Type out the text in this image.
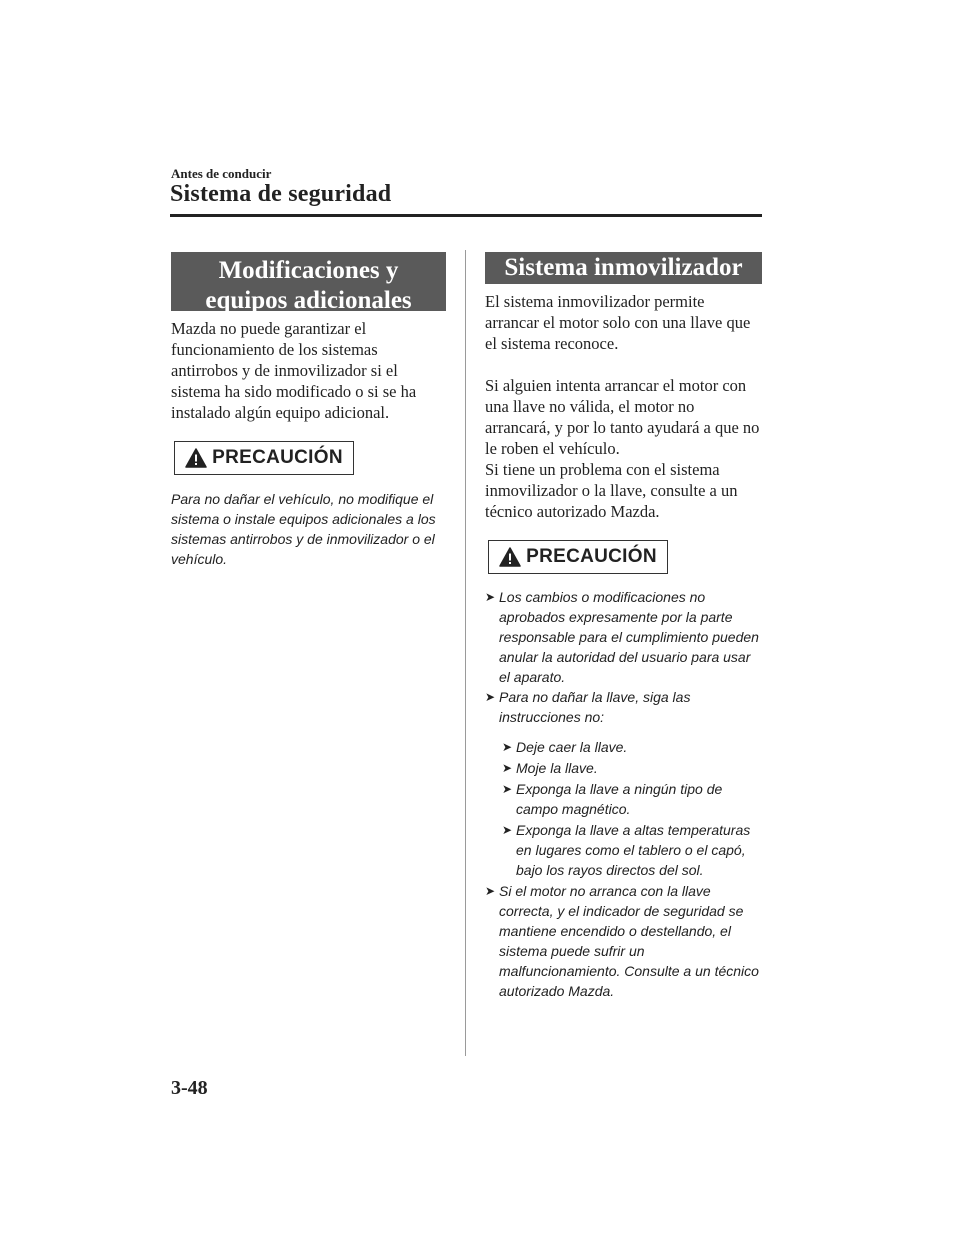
Antes de conducir
Sistema de seguridad
Modificaciones y equipos adicionales

Mazda no puede garantizar el funcionamiento de los sistemas antirrobos y de inmovilizador si el sistema ha sido modificado o si se ha instalado algún equipo adicional.

PRECAUCIÓN

Para no dañar el vehículo, no modifique el sistema o instale equipos adicionales a los sistemas antirrobos y de inmovilizador o el vehículo.

Sistema inmovilizador

El sistema inmovilizador permite arrancar el motor solo con una llave que el sistema reconoce.

Si alguien intenta arrancar el motor con una llave no válida, el motor no arrancará, y por lo tanto ayudará a que no le roben el vehículo.

Si tiene un problema con el sistema inmovilizador o la llave, consulte a un técnico autorizado Mazda.

PRECAUCIÓN
➤ Los cambios o modificaciones no aprobados expresamente por la parte responsable para el cumplimiento pueden anular la autoridad del usuario para usar el aparato.
➤ Para no dañar la llave, siga las instrucciones no:
➤ Deje caer la llave.
➤ Moje la llave.
➤ Exponga la llave a ningún tipo de campo magnético.
➤ Exponga la llave a altas temperaturas en lugares como el tablero o el capó, bajo los rayos directos del sol.
➤ Si el motor no arranca con la llave correcta, y el indicador de seguridad se mantiene encendido o destellando, el sistema puede sufrir un malfuncionamiento. Consulte a un técnico autorizado Mazda.
3-48
